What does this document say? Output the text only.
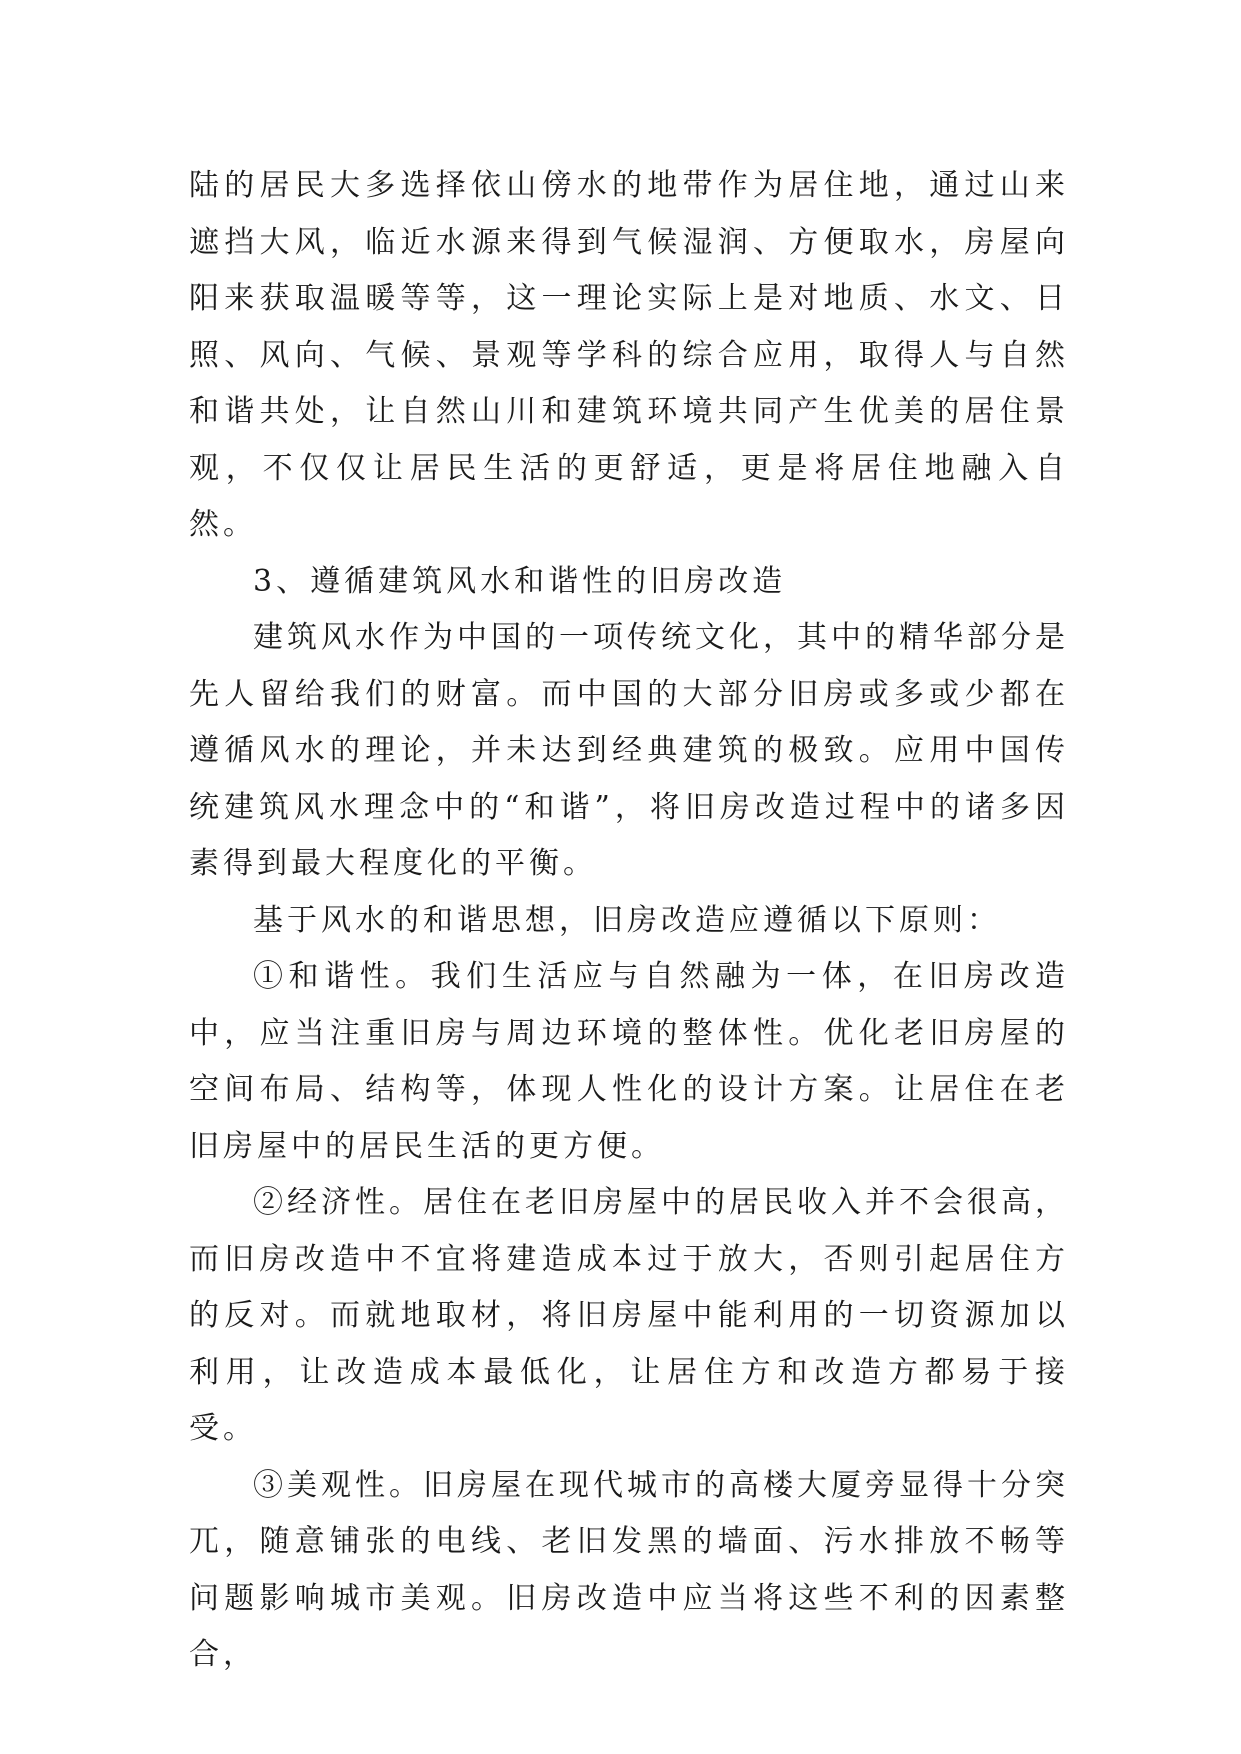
陆的居民大多选择依山傍水的地带作为居住地，通过山来遮挡大风，临近水源来得到气候湿润、方便取水，房屋向阳来获取温暖等等，这一理论实际上是对地质、水文、日照、风向、气候、景观等学科的综合应用，取得人与自然和谐共处，让自然山川和建筑环境共同产生优美的居住景观，不仅仅让居民生活的更舒适，更是将居住地融入自然。

3、遵循建筑风水和谐性的旧房改造

建筑风水作为中国的一项传统文化，其中的精华部分是先人留给我们的财富。而中国的大部分旧房或多或少都在遵循风水的理论，并未达到经典建筑的极致。应用中国传统建筑风水理念中的“和谐”，将旧房改造过程中的诸多因素得到最大程度化的平衡。

基于风水的和谐思想，旧房改造应遵循以下原则：

①和谐性。我们生活应与自然融为一体，在旧房改造中，应当注重旧房与周边环境的整体性。优化老旧房屋的空间布局、结构等，体现人性化的设计方案。让居住在老旧房屋中的居民生活的更方便。

②经济性。居住在老旧房屋中的居民收入并不会很高，而旧房改造中不宜将建造成本过于放大，否则引起居住方的反对。而就地取材，将旧房屋中能利用的一切资源加以利用，让改造成本最低化，让居住方和改造方都易于接受。

③美观性。旧房屋在现代城市的高楼大厦旁显得十分突兀，随意铺张的电线、老旧发黑的墙面、污水排放不畅等问题影响城市美观。旧房改造中应当将这些不利的因素整合，
